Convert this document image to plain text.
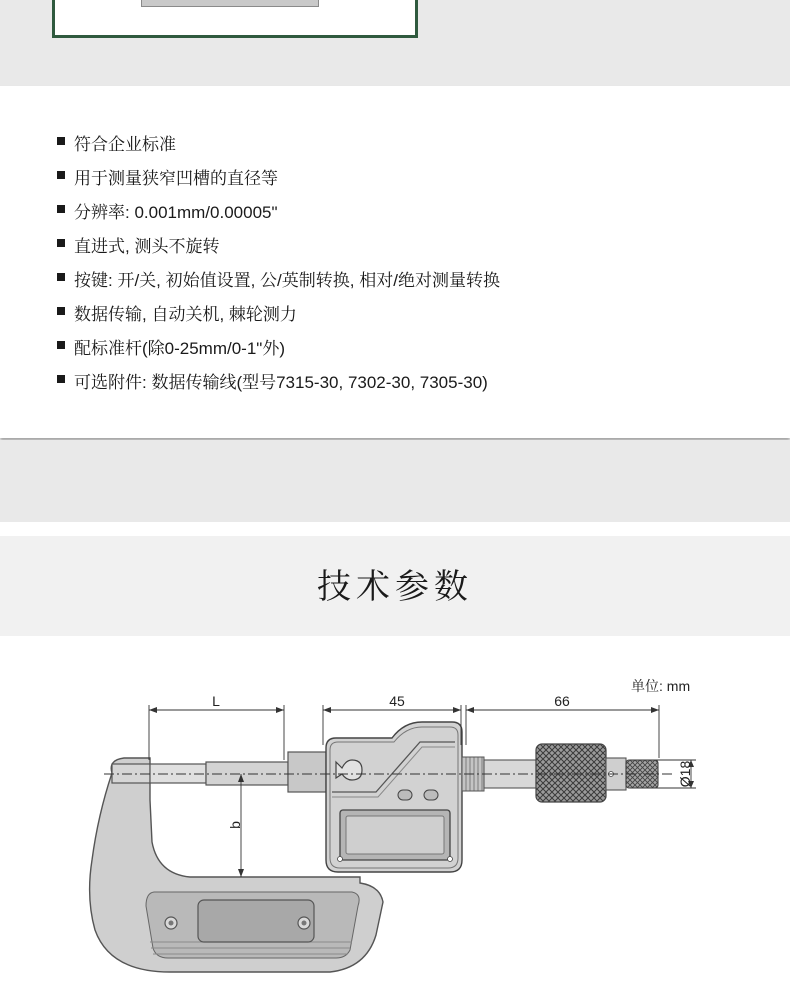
符合企业标准
用于测量狭窄凹槽的直径等
分辨率: 0.001mm/0.00005"
直进式, 测头不旋转
按键: 开/关, 初始值设置, 公/英制转换, 相对/绝对测量转换
数据传输, 自动关机, 棘轮测力
配标准杆(除0-25mm/0-1"外)
可选附件: 数据传输线(型号7315-30, 7302-30, 7305-30)
技术参数
L	45	66
单位: mm
b
Ø18
